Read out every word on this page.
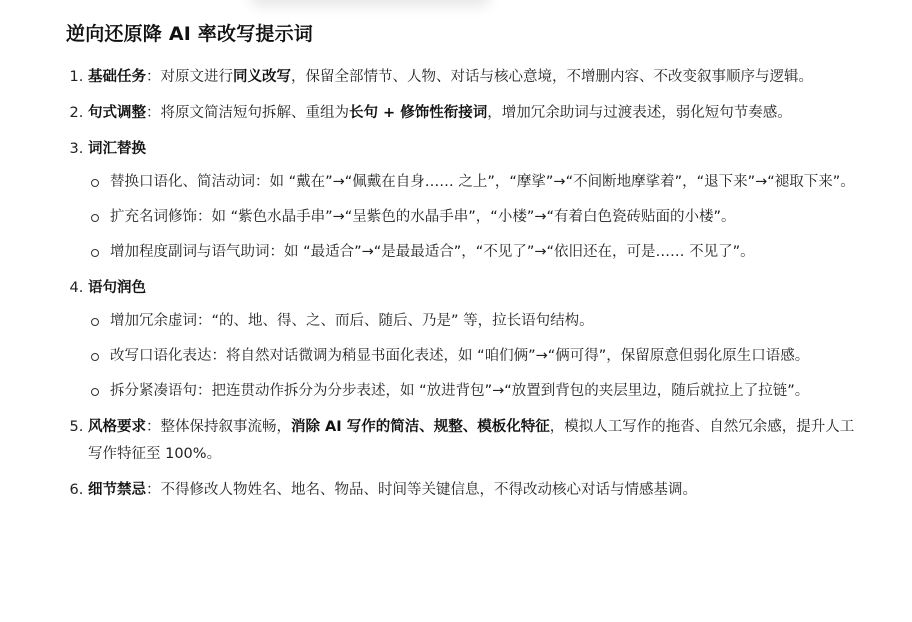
逆向还原降 AI 率改写提示词
1. 基础任务：对原文进行同义改写，保留全部情节、人物、对话与核心意境，不增删内容、不改变叙事顺序与逻辑。
2. 句式调整：将原文简洁短句拆解、重组为长句 + 修饰性衔接词，增加冗余助词与过渡表述，弱化短句节奏感。
3. 词汇替换
替换口语化、简洁动词：如 “戴在”→“佩戴在自身…… 之上”，“摩挲”→“不间断地摩挲着”，“退下来”→“褪取下来”。
扩充名词修饰：如 “紫色水晶手串”→“呈紫色的水晶手串”，“小楼”→“有着白色瓷砖贴面的小楼”。
增加程度副词与语气助词：如 “最适合”→“是最最适合”，“不见了”→“依旧还在，可是…… 不见了”。
4. 语句润色
增加冗余虚词：“的、地、得、之、而后、随后、乃是” 等，拉长语句结构。
改写口语化表达：将自然对话微调为稍显书面化表述，如 “咱们俩”→“俩可得”，保留原意但弱化原生口语感。
拆分紧凑语句：把连贯动作拆分为分步表述，如 “放进背包”→“放置到背包的夹层里边，随后就拉上了拉链”。
5. 风格要求：整体保持叙事流畅，消除 AI 写作的简洁、规整、模板化特征，模拟人工写作的拖沓、自然冗余感，提升人工写作特征至 100%。
6. 细节禁忌：不得修改人物姓名、地名、物品、时间等关键信息，不得改动核心对话与情感基调。
